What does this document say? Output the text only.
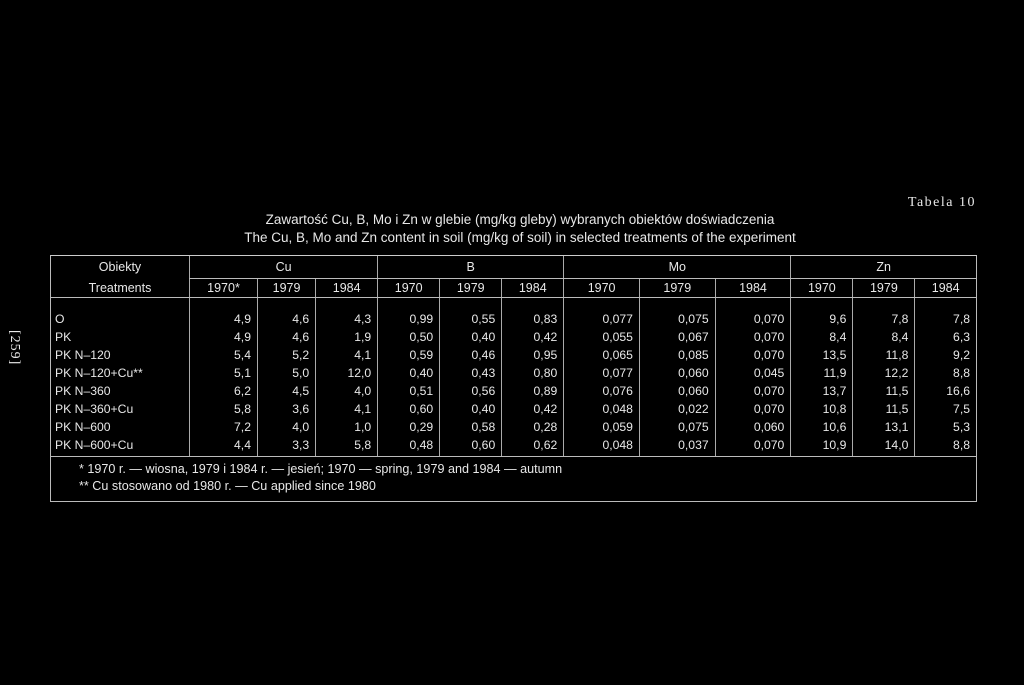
[259]
Tabela 10
Zawartość Cu, B, Mo i Zn w glebie (mg/kg gleby) wybranych obiektów doświadczenia
The Cu, B, Mo and Zn content in soil (mg/kg of soil) in selected treatments of the experiment
Obiekty	Cu			B			Mo			Zn		
Treatments	1970*	1979	1984	1970	1979	1984	1970	1979	1984	1970	1979	1984
O	4,9	4,6	4,3	0,99	0,55	0,83	0,077	0,075	0,070	9,6	7,8	7,8
PK	4,9	4,6	1,9	0,50	0,40	0,42	0,055	0,067	0,070	8,4	8,4	6,3
PK N–120	5,4	5,2	4,1	0,59	0,46	0,95	0,065	0,085	0,070	13,5	11,8	9,2
PK N–120+Cu**	5,1	5,0	12,0	0,40	0,43	0,80	0,077	0,060	0,045	11,9	12,2	8,8
PK N–360	6,2	4,5	4,0	0,51	0,56	0,89	0,076	0,060	0,070	13,7	11,5	16,6
PK N–360+Cu	5,8	3,6	4,1	0,60	0,40	0,42	0,048	0,022	0,070	10,8	11,5	7,5
PK N–600	7,2	4,0	1,0	0,29	0,58	0,28	0,059	0,075	0,060	10,6	13,1	5,3
PK N–600+Cu	4,4	3,3	5,8	0,48	0,60	0,62	0,048	0,037	0,070	10,9	14,0	8,8
* 1970 r. — wiosna, 1979 i 1984 r. — jesień; 1970 — spring, 1979 and 1984 — autumn
** Cu stosowano od 1980 r. — Cu applied since 1980
